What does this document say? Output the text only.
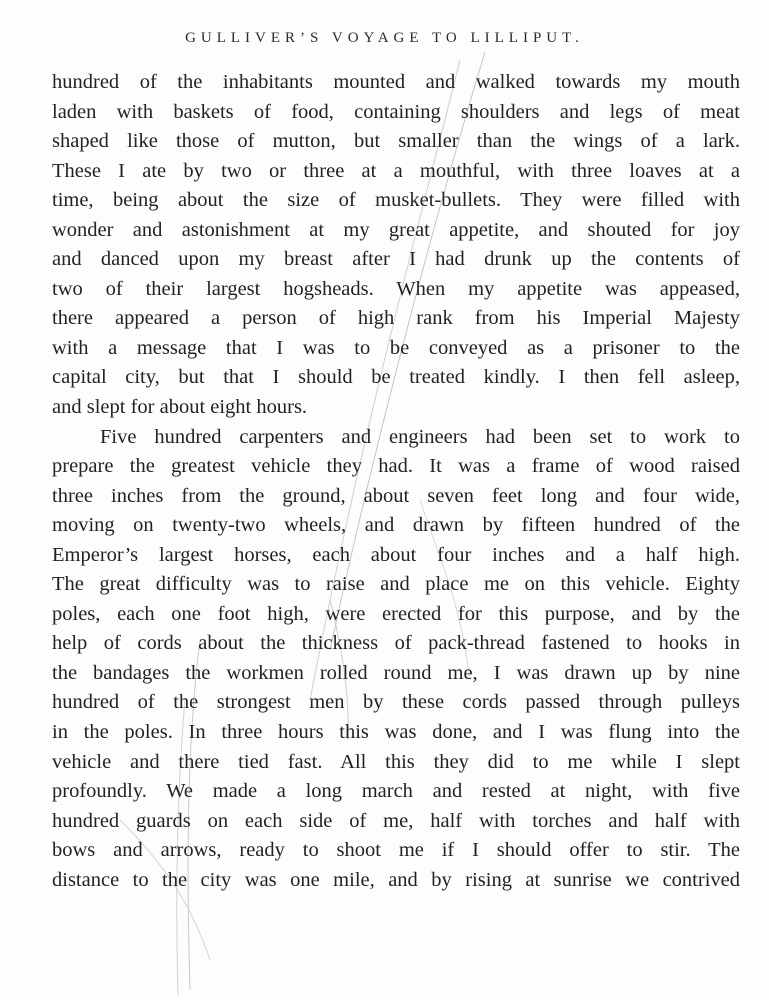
GULLIVER’S VOYAGE TO LILLIPUT.
hundred of the inhabitants mounted and walked towards my mouth
laden with baskets of food, containing shoulders and legs of meat
shaped like those of mutton, but smaller than the wings of a lark.
These I ate by two or three at a mouthful, with three loaves at a
time, being about the size of musket-bullets. They were filled with
wonder and astonishment at my great appetite, and shouted for joy
and danced upon my breast after I had drunk up the contents of
two of their largest hogsheads. When my appetite was appeased,
there appeared a person of high rank from his Imperial Majesty
with a message that I was to be conveyed as a prisoner to the
capital city, but that I should be treated kindly. I then fell asleep,
and slept for about eight hours.
Five hundred carpenters and engineers had been set to work to
prepare the greatest vehicle they had. It was a frame of wood raised
three inches from the ground, about seven feet long and four wide,
moving on twenty-two wheels, and drawn by fifteen hundred of the
Emperor’s largest horses, each about four inches and a half high.
The great difficulty was to raise and place me on this vehicle. Eighty
poles, each one foot high, were erected for this purpose, and by the
help of cords about the thickness of pack-thread fastened to hooks in
the bandages the workmen rolled round me, I was drawn up by nine
hundred of the strongest men by these cords passed through pulleys
in the poles. In three hours this was done, and I was flung into the
vehicle and there tied fast. All this they did to me while I slept
profoundly. We made a long march and rested at night, with five
hundred guards on each side of me, half with torches and half with
bows and arrows, ready to shoot me if I should offer to stir. The
distance to the city was one mile, and by rising at sunrise we contrived
